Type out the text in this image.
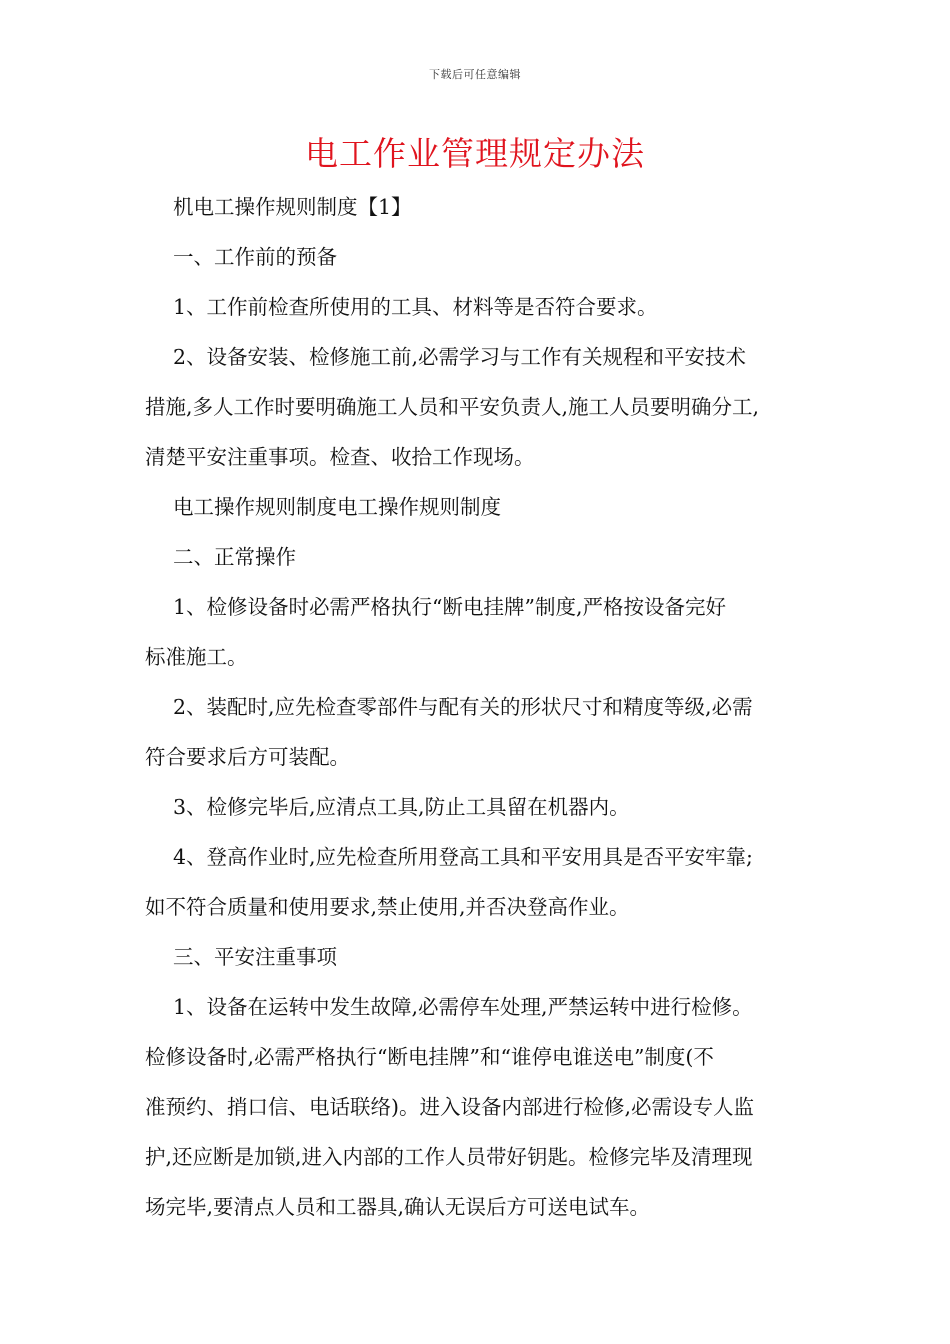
下载后可任意编辑
电工作业管理规定办法

机电工操作规则制度【1】

一、工作前的预备

1、工作前检查所使用的工具、材料等是否符合要求。

2、设备安装、检修施工前,必需学习与工作有关规程和平安技术

措施,多人工作时要明确施工人员和平安负责人,施工人员要明确分工,

清楚平安注重事项。检查、收拾工作现场。

电工操作规则制度电工操作规则制度

二、正常操作

1、检修设备时必需严格执行“断电挂牌”制度,严格按设备完好

标准施工。

2、装配时,应先检查零部件与配有关的形状尺寸和精度等级,必需

符合要求后方可装配。

3、检修完毕后,应清点工具,防止工具留在机器内。

4、登高作业时,应先检查所用登高工具和平安用具是否平安牢靠;

如不符合质量和使用要求,禁止使用,并否决登高作业。

三、平安注重事项

1、设备在运转中发生故障,必需停车处理,严禁运转中进行检修。

检修设备时,必需严格执行“断电挂牌”和“谁停电谁送电”制度(不

准预约、捎口信、电话联络)。进入设备内部进行检修,必需设专人监

护,还应断是加锁,进入内部的工作人员带好钥匙。检修完毕及清理现

场完毕,要清点人员和工器具,确认无误后方可送电试车。
